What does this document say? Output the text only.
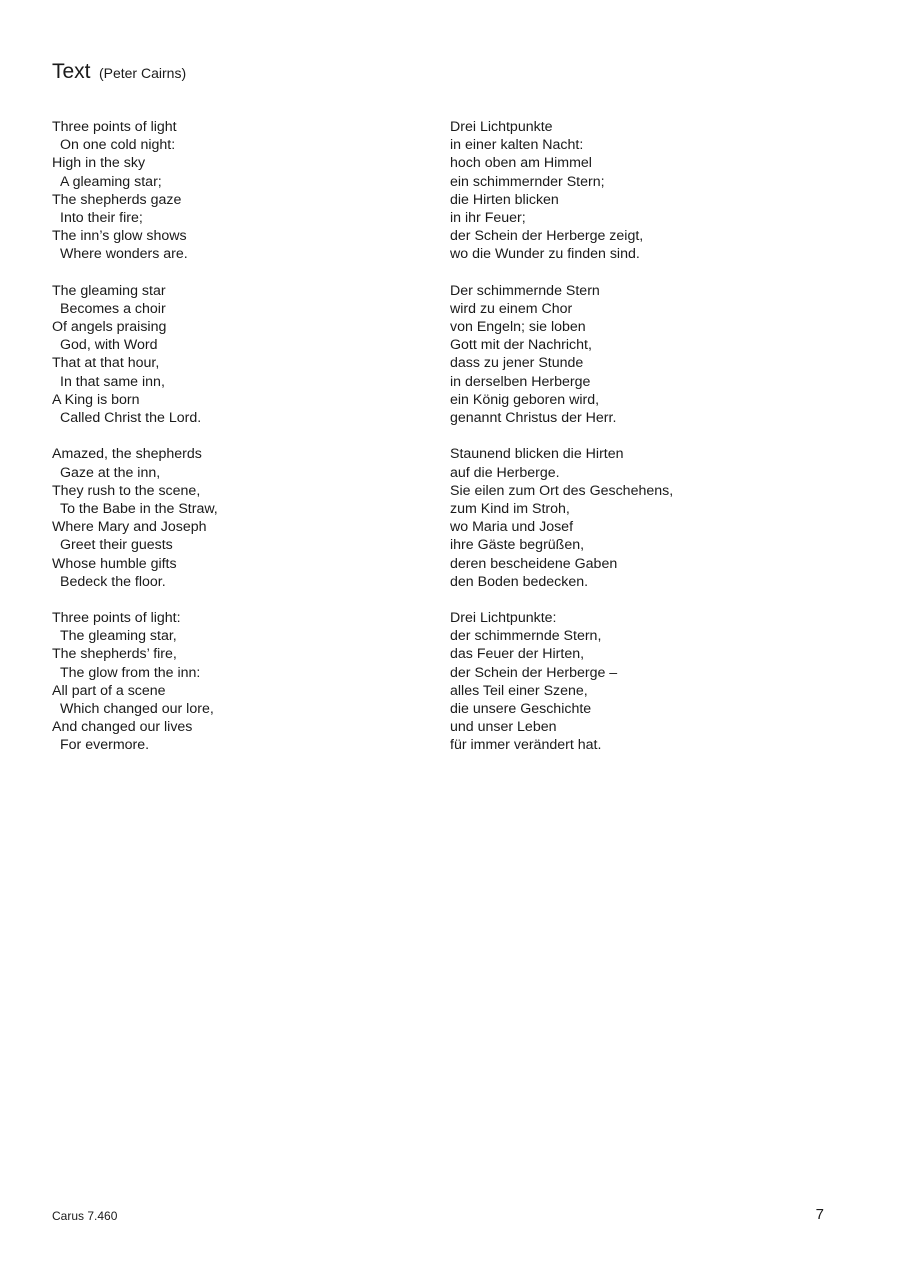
Text (Peter Cairns)
Three points of light
On one cold night:
High in the sky
A gleaming star;
The shepherds gaze
Into their fire;
The inn’s glow shows
Where wonders are.
The gleaming star
Becomes a choir
Of angels praising
God, with Word
That at that hour,
In that same inn,
A King is born
Called Christ the Lord.
Amazed, the shepherds
Gaze at the inn,
They rush to the scene,
To the Babe in the Straw,
Where Mary and Joseph
Greet their guests
Whose humble gifts
Bedeck the floor.
Three points of light:
The gleaming star,
The shepherds’ fire,
The glow from the inn:
All part of a scene
Which changed our lore,
And changed our lives
For evermore.
Drei Lichtpunkte
in einer kalten Nacht:
hoch oben am Himmel
ein schimmernder Stern;
die Hirten blicken
in ihr Feuer;
der Schein der Herberge zeigt,
wo die Wunder zu finden sind.
Der schimmernde Stern
wird zu einem Chor
von Engeln; sie loben
Gott mit der Nachricht,
dass zu jener Stunde
in derselben Herberge
ein König geboren wird,
genannt Christus der Herr.
Staunend blicken die Hirten
auf die Herberge.
Sie eilen zum Ort des Geschehens,
zum Kind im Stroh,
wo Maria und Josef
ihre Gäste begrüßen,
deren bescheidene Gaben
den Boden bedecken.
Drei Lichtpunkte:
der schimmernde Stern,
das Feuer der Hirten,
der Schein der Herberge –
alles Teil einer Szene,
die unsere Geschichte
und unser Leben
für immer verändert hat.
Carus 7.460	7
